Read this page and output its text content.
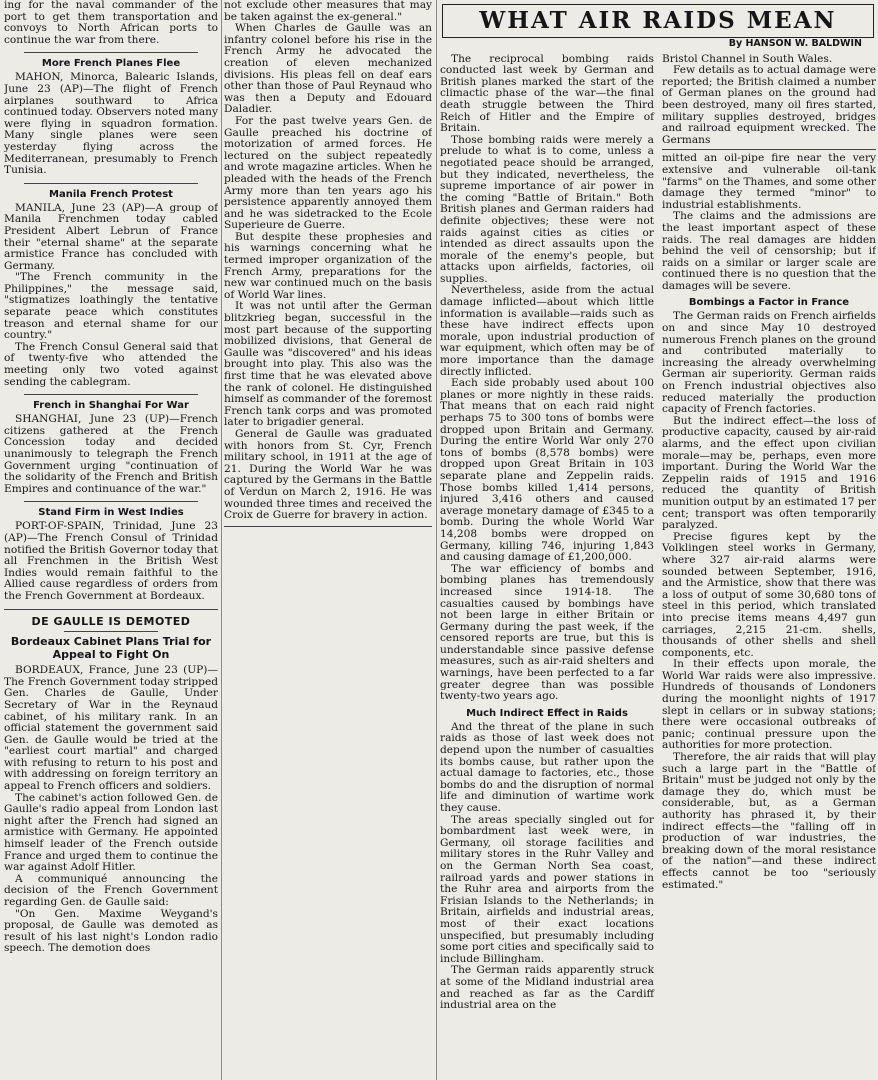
ing for the naval commander of the port to get them transportation and convoys to North African ports to continue the war from there.

More French Planes Flee

MAHON, Minorca, Balearic Islands, June 23 (AP)—The flight of French airplanes southward to Africa continued today. Observers noted many were flying in squadron formation. Many single planes were seen yesterday flying across the Mediterranean, presumably to French Tunisia.

Manila French Protest

MANILA, June 23 (AP)—A group of Manila Frenchmen today cabled President Albert Lebrun of France their "eternal shame" at the separate armistice France has concluded with Germany.

"The French community in the Philippines," the message said, "stigmatizes loathingly the tentative separate peace which constitutes treason and eternal shame for our country."

The French Consul General said that of twenty-five who attended the meeting only two voted against sending the cablegram.

French in Shanghai For War

SHANGHAI, June 23 (UP)—French citizens gathered at the French Concession today and decided unanimously to telegraph the French Government urging "continuation of the solidarity of the French and British Empires and continuance of the war."

Stand Firm in West Indies

PORT-OF-SPAIN, Trinidad, June 23 (AP)—The French Consul of Trinidad notified the British Governor today that all Frenchmen in the British West Indies would remain faithful to the Allied cause regardless of orders from the French Government at Bordeaux.

DE GAULLE IS DEMOTED
Bordeaux Cabinet Plans Trial for Appeal to Fight On

BORDEAUX, France, June 23 (UP)—The French Government today stripped Gen. Charles de Gaulle, Under Secretary of War in the Reynaud cabinet, of his military rank. In an official statement the government said Gen. de Gaulle would be tried at the "earliest court martial" and charged with refusing to return to his post and with addressing on foreign territory an appeal to French officers and soldiers.

The cabinet's action followed Gen. de Gaulle's radio appeal from London last night after the French had signed an armistice with Germany. He appointed himself leader of the French outside France and urged them to continue the war against Adolf Hitler.

A communiqué announcing the decision of the French Government regarding Gen. de Gaulle said:

"On Gen. Maxime Weygand's proposal, de Gaulle was demoted as result of his last night's London radio speech. The demotion does

not exclude other measures that may be taken against the ex-general."

When Charles de Gaulle was an infantry colonel before his rise in the French Army he advocated the creation of eleven mechanized divisions. His pleas fell on deaf ears other than those of Paul Reynaud who was then a Deputy and Edouard Daladier.

For the past twelve years Gen. de Gaulle preached his doctrine of motorization of armed forces. He lectured on the subject repeatedly and wrote magazine articles. When he pleaded with the heads of the French Army more than ten years ago his persistence apparently annoyed them and he was sidetracked to the Ecole Superieure de Guerre.

But despite these prophesies and his warnings concerning what he termed improper organization of the French Army, preparations for the new war continued much on the basis of World War lines.

It was not until after the German blitzkrieg began, successful in the most part because of the supporting mobilized divisions, that General de Gaulle was "discovered" and his ideas brought into play. This also was the first time that he was elevated above the rank of colonel. He distinguished himself as commander of the foremost French tank corps and was promoted later to brigadier general.

General de Gaulle was graduated with honors from St. Cyr, French military school, in 1911 at the age of 21. During the World War he was captured by the Germans in the Battle of Verdun on March 2, 1916. He was wounded three times and received the Croix de Guerre for bravery in action.

WHAT AIR RAIDS MEAN
By HANSON W. BALDWIN

The reciprocal bombing raids conducted last week by German and British planes marked the start of the climactic phase of the war—the final death struggle between the Third Reich of Hitler and the Empire of Britain.

Those bombing raids were merely a prelude to what is to come, unless a negotiated peace should be arranged, but they indicated, nevertheless, the supreme importance of air power in the coming "Battle of Britain." Both British planes and German raiders had definite objectives; these were not raids against cities as cities or intended as direct assaults upon the morale of the enemy's people, but attacks upon airfields, factories, oil supplies.

Nevertheless, aside from the actual damage inflicted—about which little information is available—raids such as these have indirect effects upon morale, upon industrial production of war equipment, which often may be of more importance than the damage directly inflicted.

Each side probably used about 100 planes or more nightly in these raids. That means that on each raid night perhaps 75 to 300 tons of bombs were dropped upon Britain and Germany. During the entire World War only 270 tons of bombs (8,578 bombs) were dropped upon Great Britain in 103 separate plane and Zeppelin raids. Those bombs killed 1,414 persons, injured 3,416 others and caused average monetary damage of £345 to a bomb. During the whole World War 14,208 bombs were dropped on Germany, killing 746, injuring 1,843 and causing damage of £1,200,000.

The war efficiency of bombs and bombing planes has tremendously increased since 1914-18. The casualties caused by bombings have not been large in either Britain or Germany during the past week, if the censored reports are true, but this is understandable since passive defense measures, such as air-raid shelters and warnings, have been perfected to a far greater degree than was possible twenty-two years ago.

Much Indirect Effect in Raids

And the threat of the plane in such raids as those of last week does not depend upon the number of casualties its bombs cause, but rather upon the actual damage to factories, etc., those bombs do and the disruption of normal life and diminution of wartime work they cause.

The areas specially singled out for bombardment last week were, in Germany, oil storage facilities and military stores in the Ruhr Valley and on the German North Sea coast, railroad yards and power stations in the Ruhr area and airports from the Frisian Islands to the Netherlands; in Britain, airfields and industrial areas, most of their exact locations unspecified, but presumably including some port cities and specifically said to include Billingham.

The German raids apparently struck at some of the Midland industrial area and reached as far as the Cardiff industrial area on the

Bristol Channel in South Wales.

Few details as to actual damage were reported; the British claimed a number of German planes on the ground had been destroyed, many oil fires started, military supplies destroyed, bridges and railroad equipment wrecked. The Germans

mitted an oil-pipe fire near the very extensive and vulnerable oil-tank "farms" on the Thames, and some other damage they termed "minor" to industrial establishments.

The claims and the admissions are the least important aspect of these raids. The real damages are hidden behind the veil of censorship; but if raids on a similar or larger scale are continued there is no question that the damages will be severe.

Bombings a Factor in France

The German raids on French airfields on and since May 10 destroyed numerous French planes on the ground and contributed materially to increasing the already overwhelming German air superiority. German raids on French industrial objectives also reduced materially the production capacity of French factories.

But the indirect effect—the loss of productive capacity, caused by air-raid alarms, and the effect upon civilian morale—may be, perhaps, even more important. During the World War the Zeppelin raids of 1915 and 1916 reduced the quantity of British munition output by an estimated 17 per cent; transport was often temporarily paralyzed.

Precise figures kept by the Volklingen steel works in Germany, where 327 air-raid alarms were sounded between September, 1916, and the Armistice, show that there was a loss of output of some 30,680 tons of steel in this period, which translated into precise items means 4,497 gun carriages, 2,215 21-cm. shells, thousands of other shells and shell components, etc.

In their effects upon morale, the World War raids were also impressive. Hundreds of thousands of Londoners during the moonlight nights of 1917 slept in cellars or in subway stations; there were occasional outbreaks of panic; continual pressure upon the authorities for more protection.

Therefore, the air raids that will play such a large part in the "Battle of Britain" must be judged not only by the damage they do, which must be considerable, but, as a German authority has phrased it, by their indirect effects—the "falling off in production of war industries, the breaking down of the moral resistance of the nation"—and these indirect effects cannot be too "seriously estimated."
